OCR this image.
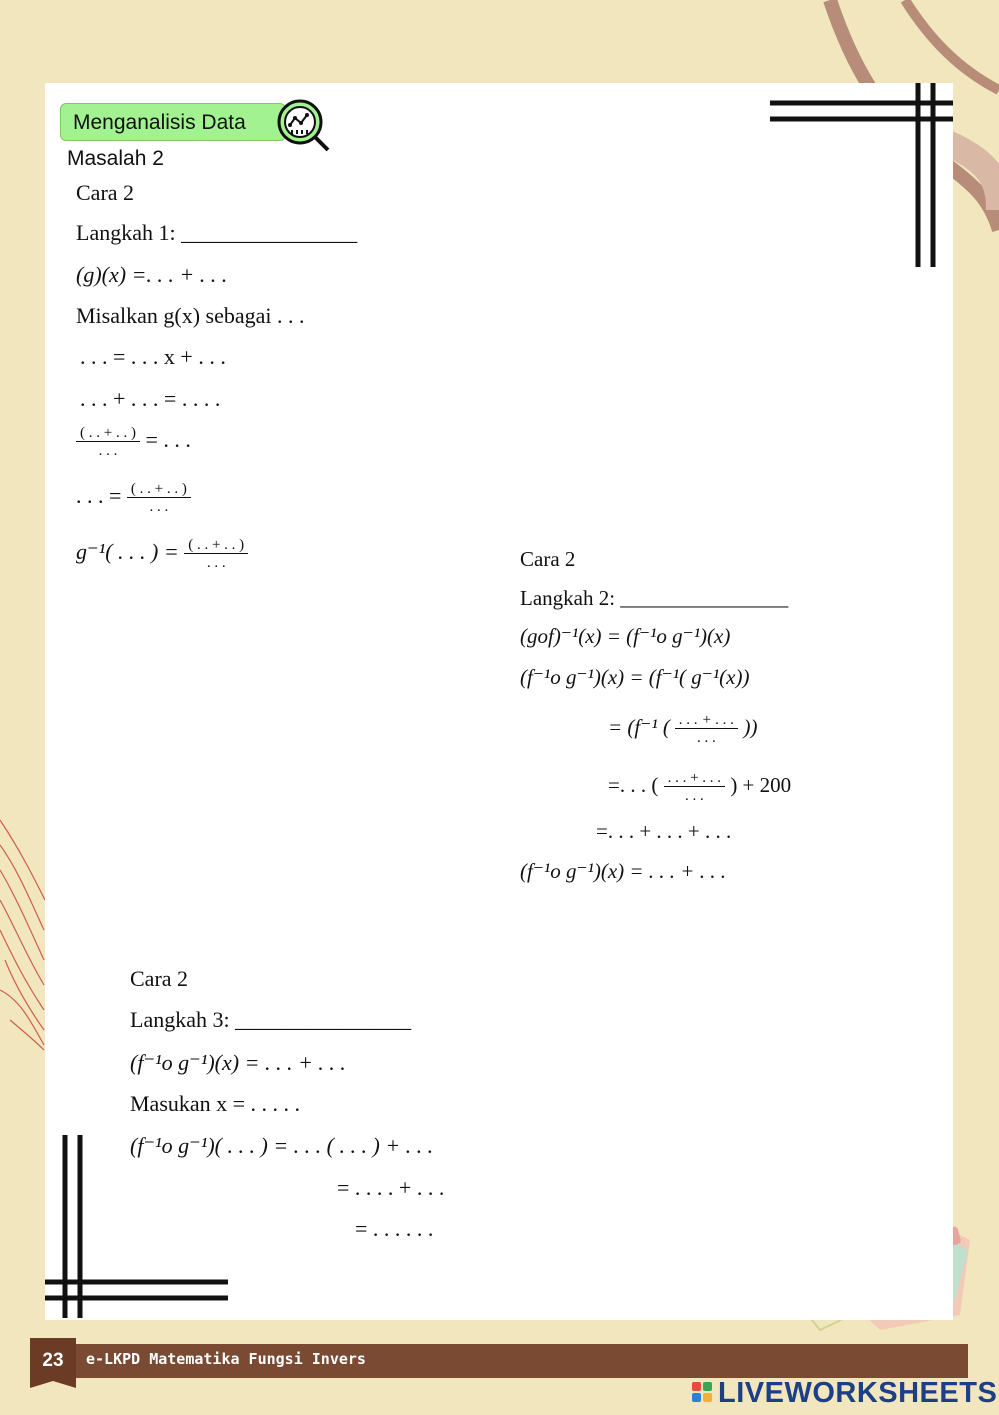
Menganalisis Data
Masalah 2
Cara 2
Langkah 1: ________________
(g)(x) =. . . + . . .
Misalkan g(x) sebagai . . .
. . . = . . . x + . . .
. . . + . . . = . . . .
$\frac{( . . + . . )}{. . .}$ = . . .
. . . = $\frac{( . . + . . )}{. . .}$
g⁻¹( . . . ) = $\frac{( . . + . . )}{. . .}$	Cara 2
Langkah 2: ________________
(gof)⁻¹(x) = (f⁻¹o g⁻¹)(x)
(f⁻¹o g⁻¹)(x) = (f⁻¹( g⁻¹(x))
= (f⁻¹ ( $\frac{. . . + . . .}{. . .}$ ))
=. . . ( $\frac{. . . + . . .}{. . .}$ ) + 200
=. . . + . . . + . . .
(f⁻¹o g⁻¹)(x) = . . . + . . .
Cara 2
Langkah 3: ________________
(f⁻¹o g⁻¹)(x) = . . . + . . .
Masukan x = . . . . .
(f⁻¹o g⁻¹)( . . . ) = . . . ( . . . ) + . . .
= . . . . + . . .
= . . . . . .
23	e-LKPD Matematika Fungsi Invers
LIVEWORKSHEETS
